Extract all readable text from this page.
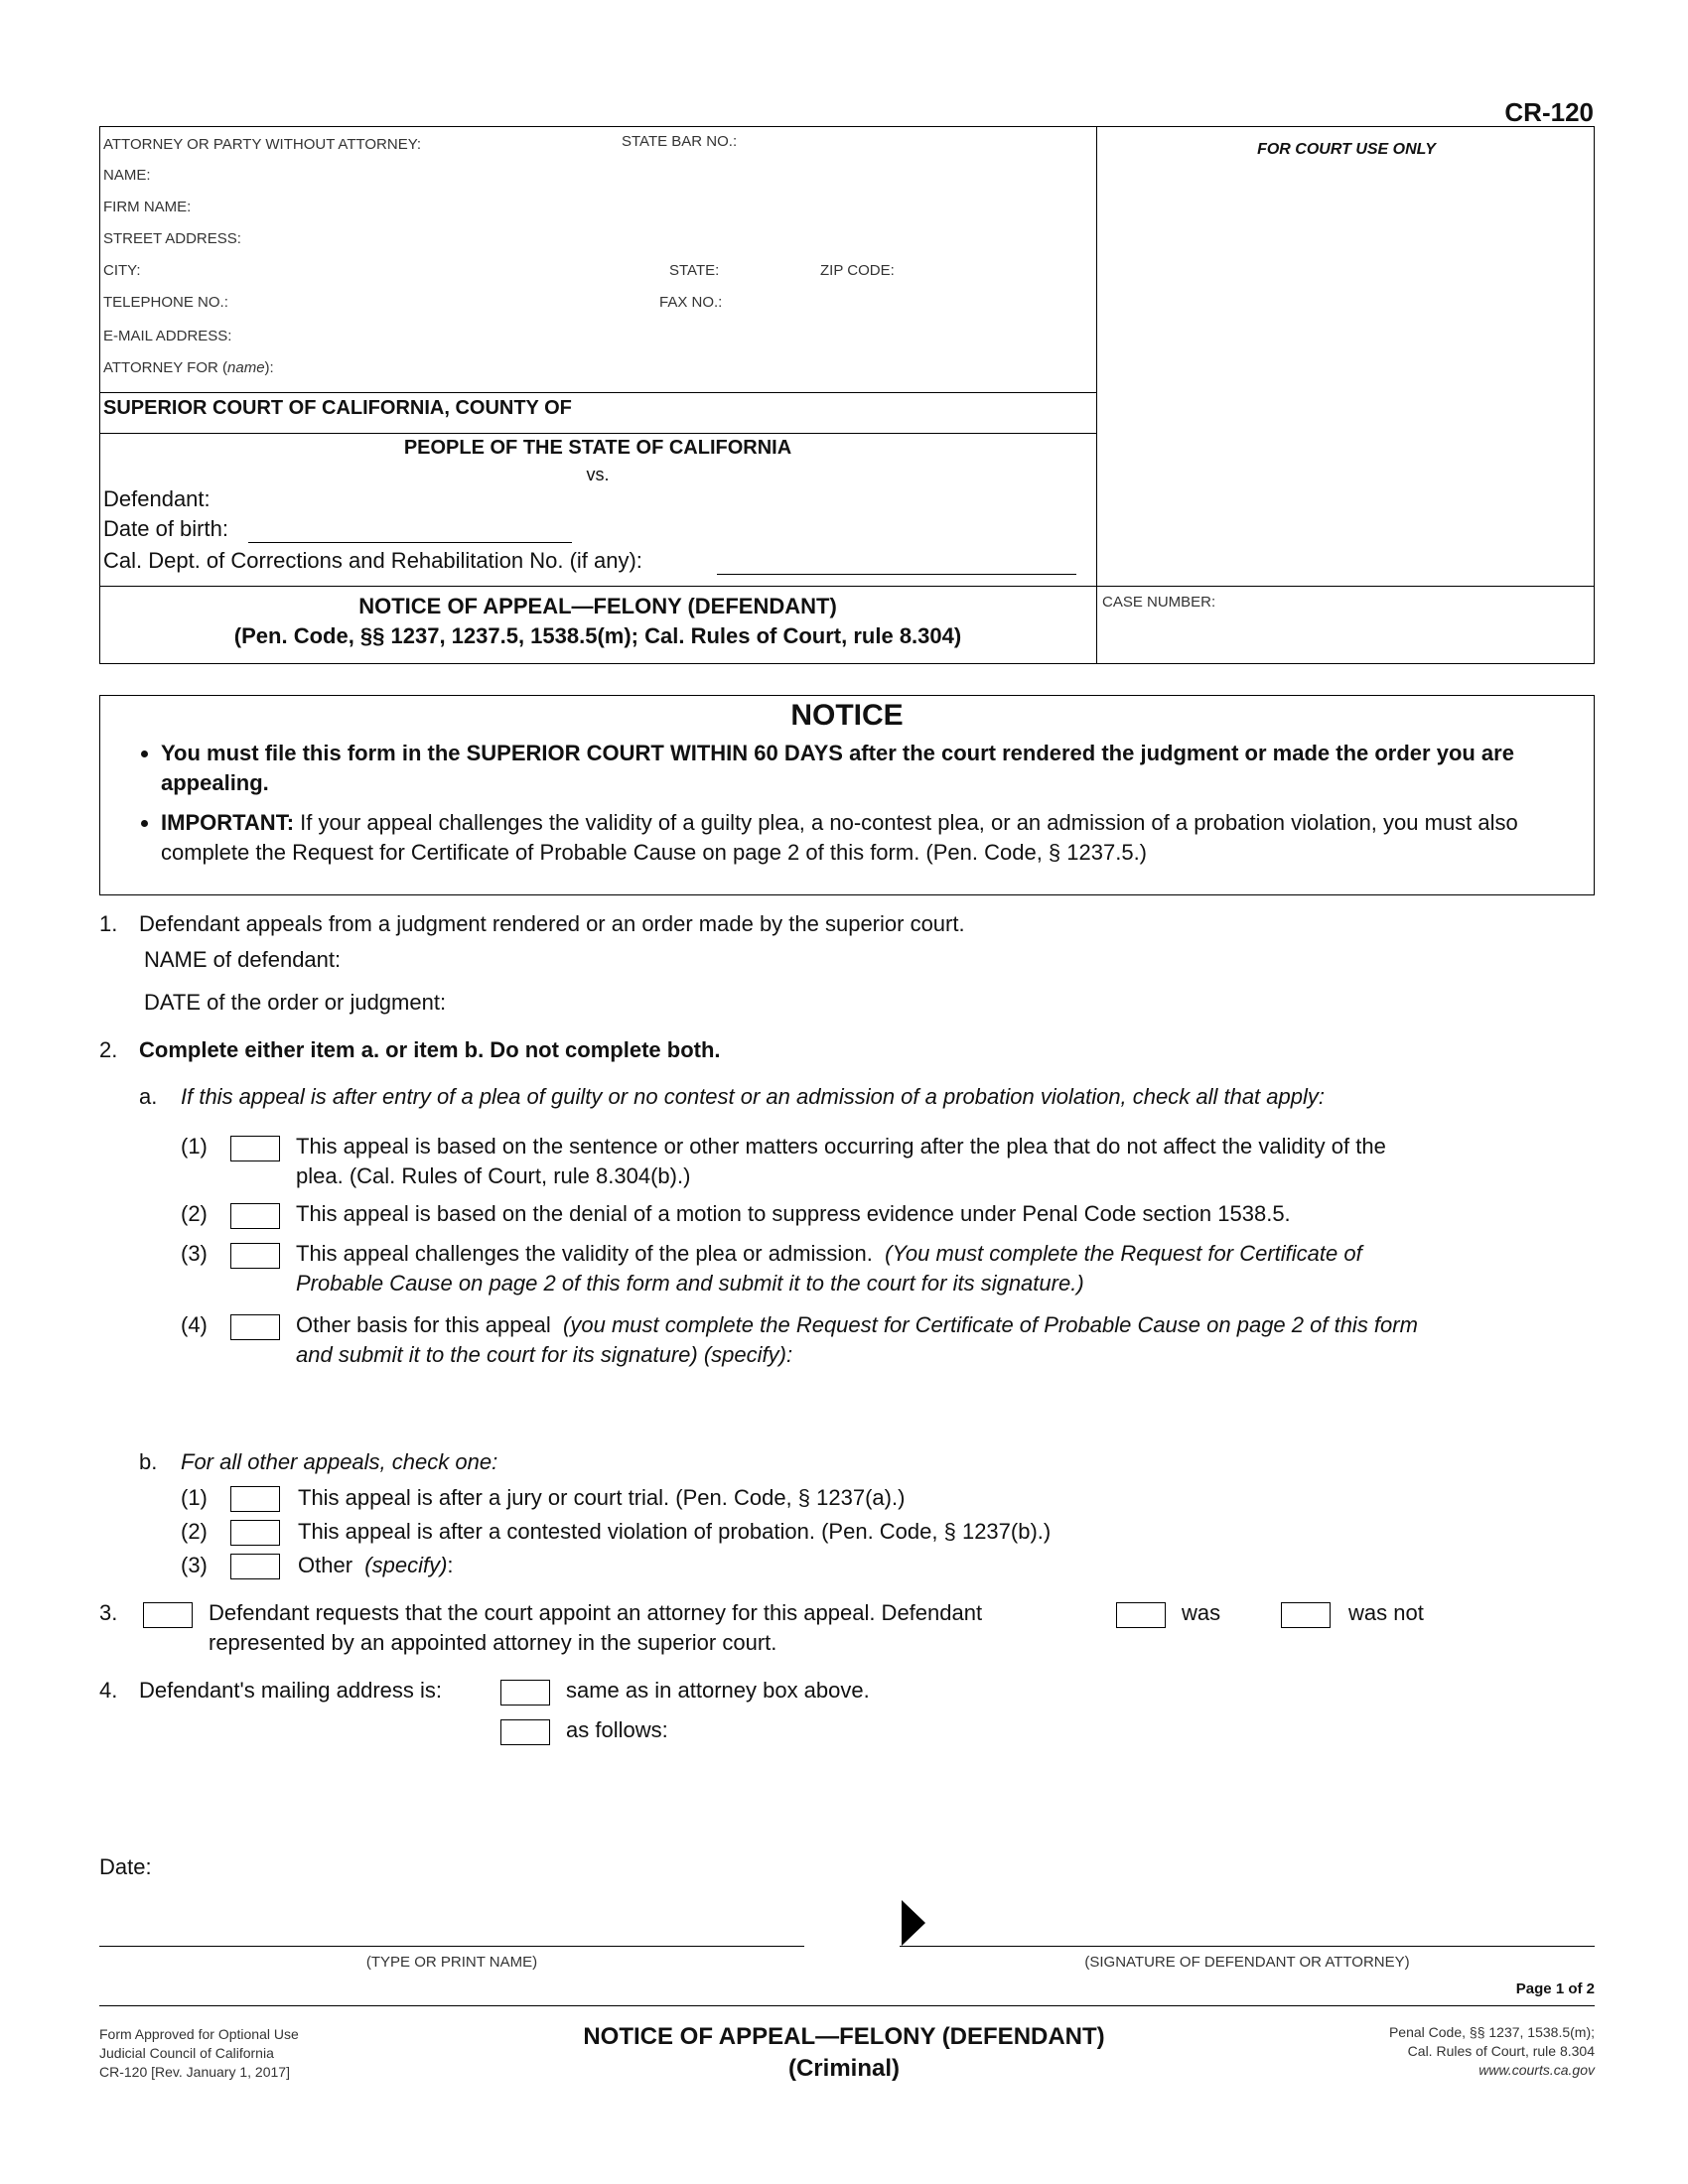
CR-120
ATTORNEY OR PARTY WITHOUT ATTORNEY:	STATE BAR NO.:
NAME:
FIRM NAME:
STREET ADDRESS:
CITY:	STATE:	ZIP CODE:
TELEPHONE NO.:	FAX NO.:
E-MAIL ADDRESS:
ATTORNEY FOR (name):
FOR COURT USE ONLY
SUPERIOR COURT OF CALIFORNIA, COUNTY OF
PEOPLE OF THE STATE OF CALIFORNIA
vs.
Defendant:
Date of birth:
Cal. Dept. of Corrections and Rehabilitation No. (if any):
NOTICE OF APPEAL—FELONY (DEFENDANT)
(Pen. Code, §§ 1237, 1237.5, 1538.5(m); Cal. Rules of Court, rule 8.304)
CASE NUMBER:
NOTICE
• You must file this form in the SUPERIOR COURT WITHIN 60 DAYS after the court rendered the judgment or made the order you are appealing.
• IMPORTANT: If your appeal challenges the validity of a guilty plea, a no-contest plea, or an admission of a probation violation, you must also complete the Request for Certificate of Probable Cause on page 2 of this form. (Pen. Code, § 1237.5.)
1. Defendant appeals from a judgment rendered or an order made by the superior court.
NAME of defendant:
DATE of the order or judgment:
2. Complete either item a. or item b. Do not complete both.
a. If this appeal is after entry of a plea of guilty or no contest or an admission of a probation violation, check all that apply:
(1)	This appeal is based on the sentence or other matters occurring after the plea that do not affect the validity of the
plea. (Cal. Rules of Court, rule 8.304(b).)
(2)	This appeal is based on the denial of a motion to suppress evidence under Penal Code section 1538.5.
(3)	This appeal challenges the validity of the plea or admission. (You must complete the Request for Certificate of
Probable Cause on page 2 of this form and submit it to the court for its signature.)
(4)	Other basis for this appeal (you must complete the Request for Certificate of Probable Cause on page 2 of this form
and submit it to the court for its signature) (specify):
b. For all other appeals, check one:
(1)	This appeal is after a jury or court trial. (Pen. Code, § 1237(a).)
(2)	This appeal is after a contested violation of probation. (Pen. Code, § 1237(b).)
(3)	Other (specify):
3.	Defendant requests that the court appoint an attorney for this appeal. Defendant	was	was not
represented by an appointed attorney in the superior court.
4. Defendant's mailing address is:	same as in attorney box above.
as follows:
Date:
(TYPE OR PRINT NAME)	(SIGNATURE OF DEFENDANT OR ATTORNEY)
Page 1 of 2
Form Approved for Optional Use
Judicial Council of California
CR-120 [Rev. January 1, 2017]
NOTICE OF APPEAL—FELONY (DEFENDANT)
(Criminal)
Penal Code, §§ 1237, 1538.5(m);
Cal. Rules of Court, rule 8.304
www.courts.ca.gov
